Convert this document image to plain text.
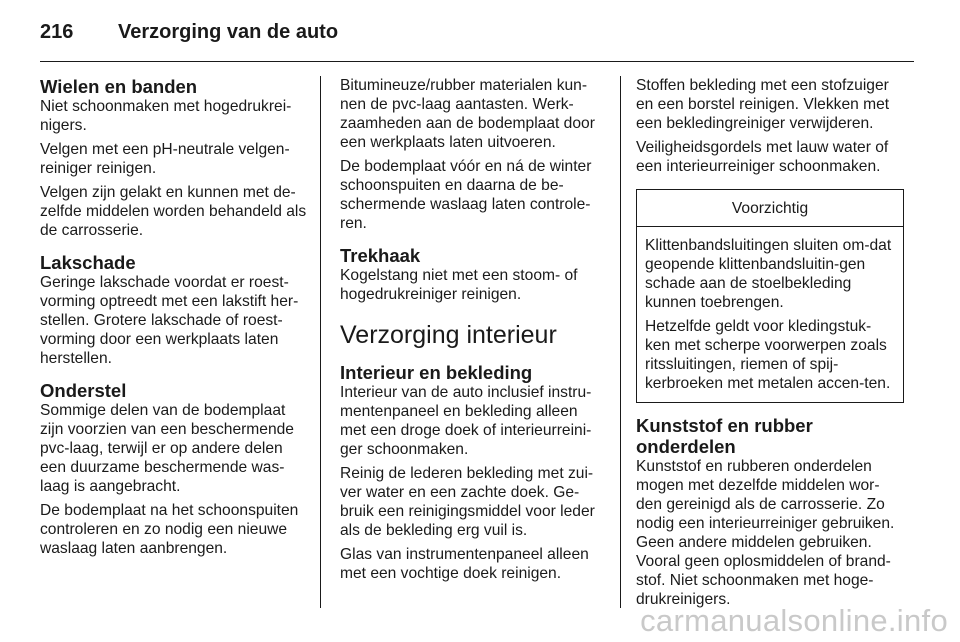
216	Verzorging van de auto
Wielen en banden

Niet schoonmaken met hogedrukrei-nigers.

Velgen met een pH-neutrale velgen-reiniger reinigen.

Velgen zijn gelakt en kunnen met de-zelfde middelen worden behandeld als de carrosserie.

Lakschade

Geringe lakschade voordat er roest-vorming optreedt met een lakstift her-stellen. Grotere lakschade of roest-vorming door een werkplaats laten herstellen.

Onderstel

Sommige delen van de bodemplaat zijn voorzien van een beschermende pvc-laag, terwijl er op andere delen een duurzame beschermende was-laag is aangebracht.

De bodemplaat na het schoonspuiten controleren en zo nodig een nieuwe waslaag laten aanbrengen.

Bitumineuze/rubber materialen kun-nen de pvc-laag aantasten. Werk-zaamheden aan de bodemplaat door een werkplaats laten uitvoeren.

De bodemplaat vóór en ná de winter schoonspuiten en daarna de be-schermende waslaag laten controle-ren.

Trekhaak

Kogelstang niet met een stoom- of hogedrukreiniger reinigen.

Verzorging interieur
Interieur en bekleding

Interieur van de auto inclusief instru-mentenpaneel en bekleding alleen met een droge doek of interieurreini-ger schoonmaken.

Reinig de lederen bekleding met zui-ver water en een zachte doek. Ge-bruik een reinigingsmiddel voor leder als de bekleding erg vuil is.

Glas van instrumentenpaneel alleen met een vochtige doek reinigen.

Stoffen bekleding met een stofzuiger en een borstel reinigen. Vlekken met een bekledingreiniger verwijderen.

Veiligheidsgordels met lauw water of een interieurreiniger schoonmaken.

Voorzichtig

Klittenbandsluitingen sluiten om-dat geopende klittenbandsluitin-gen schade aan de stoelbekleding kunnen toebrengen.

Hetzelfde geldt voor kledingstuk-ken met scherpe voorwerpen zoals ritssluitingen, riemen of spij-kerbroeken met metalen accen-ten.

Kunststof en rubber onderdelen

Kunststof en rubberen onderdelen mogen met dezelfde middelen wor-den gereinigd als de carrosserie. Zo nodig een interieurreiniger gebruiken. Geen andere middelen gebruiken. Vooral geen oplosmiddelen of brand-stof. Niet schoonmaken met hoge-drukreinigers.

carmanualsonline.info
